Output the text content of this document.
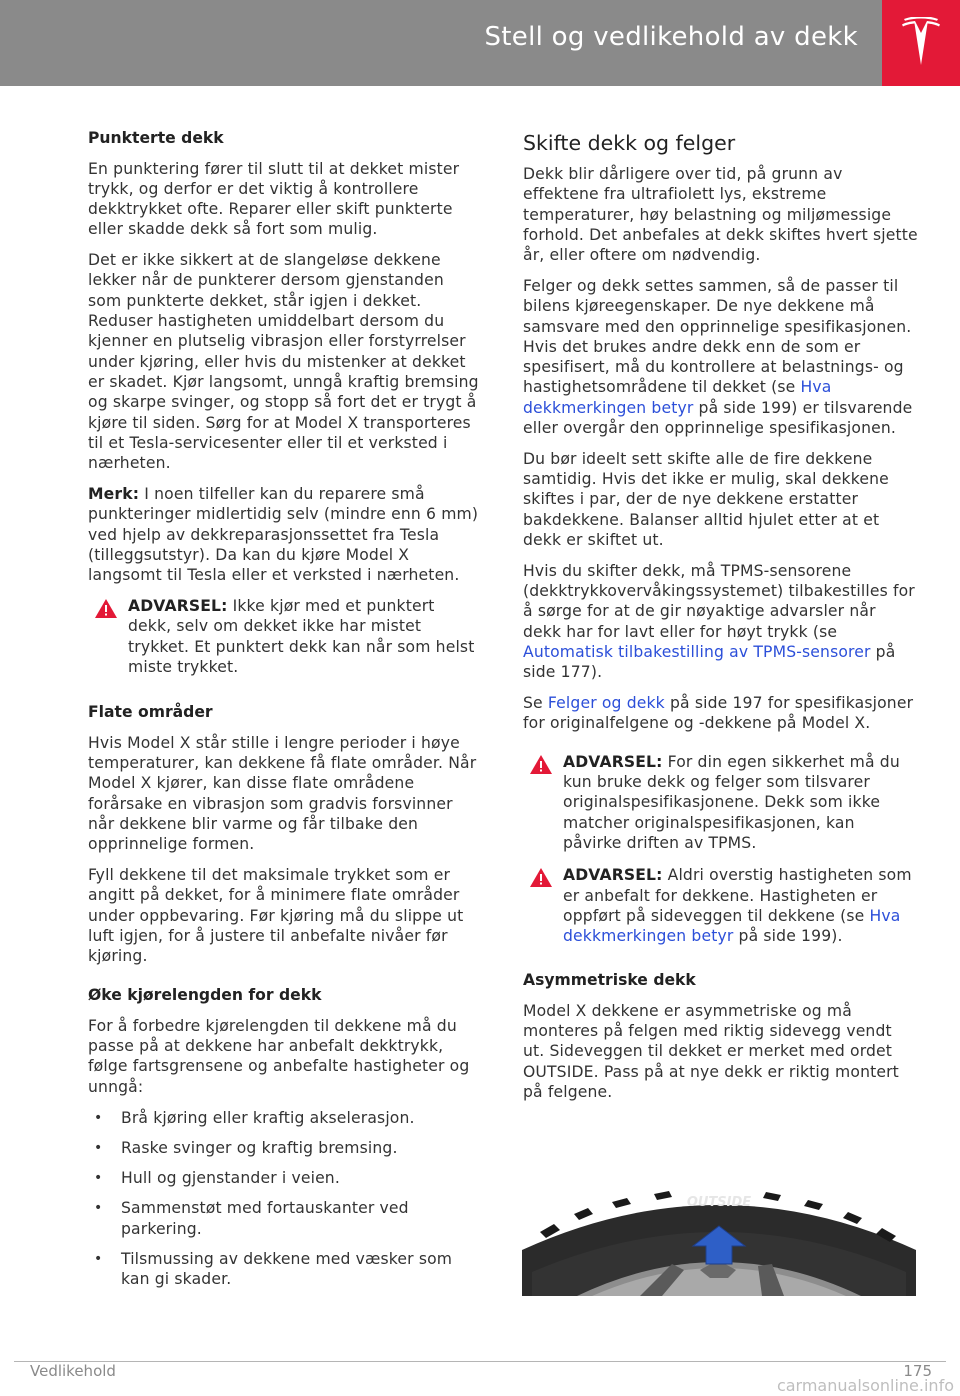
Stell og vedlikehold av dekk
Punkterte dekk

En punktering fører til slutt til at dekket mister trykk, og derfor er det viktig å kontrollere dekktrykket ofte. Reparer eller skift punkterte eller skadde dekk så fort som mulig.

Det er ikke sikkert at de slangeløse dekkene lekker når de punkterer dersom gjenstanden som punkterte dekket, står igjen i dekket. Reduser hastigheten umiddelbart dersom du kjenner en plutselig vibrasjon eller forstyrrelser under kjøring, eller hvis du mistenker at dekket er skadet. Kjør langsomt, unngå kraftig bremsing og skarpe svinger, og stopp så fort det er trygt å kjøre til siden. Sørg for at Model X transporteres til et Tesla-servicesenter eller til et verksted i nærheten.

Merk: I noen tilfeller kan du reparere små punkteringer midlertidig selv (mindre enn 6 mm) ved hjelp av dekkreparasjonssettet fra Tesla (tilleggsutstyr). Da kan du kjøre Model X langsomt til Tesla eller et verksted i nærheten.

ADVARSEL: Ikke kjør med et punktert dekk, selv om dekket ikke har mistet trykket. Et punktert dekk kan når som helst miste trykket.

Flate områder

Hvis Model X står stille i lengre perioder i høye temperaturer, kan dekkene få flate områder. Når Model X kjører, kan disse flate områdene forårsake en vibrasjon som gradvis forsvinner når dekkene blir varme og får tilbake den opprinnelige formen.

Fyll dekkene til det maksimale trykket som er angitt på dekket, for å minimere flate områder under oppbevaring. Før kjøring må du slippe ut luft igjen, for å justere til anbefalte nivåer før kjøring.

Øke kjørelengden for dekk

For å forbedre kjørelengden til dekkene må du passe på at dekkene har anbefalt dekktrykk, følge fartsgrensene og anbefalte hastigheter og unngå:

• Brå kjøring eller kraftig akselerasjon.
• Raske svinger og kraftig bremsing.
• Hull og gjenstander i veien.
• Sammenstøt med fortauskanter ved parkering.
• Tilsmussing av dekkene med væsker som kan gi skader.
Skifte dekk og felger

Dekk blir dårligere over tid, på grunn av effektene fra ultrafiolett lys, ekstreme temperaturer, høy belastning og miljømessige forhold. Det anbefales at dekk skiftes hvert sjette år, eller oftere om nødvendig.

Felger og dekk settes sammen, så de passer til bilens kjøreegenskaper. De nye dekkene må samsvare med den opprinnelige spesifikasjonen. Hvis det brukes andre dekk enn de som er spesifisert, må du kontrollere at belastnings- og hastighetsområdene til dekket (se Hva dekkmerkingen betyr på side 199) er tilsvarende eller overgår den opprinnelige spesifikasjonen.

Du bør ideelt sett skifte alle de fire dekkene samtidig. Hvis det ikke er mulig, skal dekkene skiftes i par, der de nye dekkene erstatter bakdekkene. Balanser alltid hjulet etter at et dekk er skiftet ut.

Hvis du skifter dekk, må TPMS-sensorene (dekktrykkovervåkingssystemet) tilbakestilles for å sørge for at de gir nøyaktige advarsler når dekk har for lavt eller for høyt trykk (se Automatisk tilbakestilling av TPMS-sensorer på side 177).

Se Felger og dekk på side 197 for spesifikasjoner for originalfelgene og -dekkene på Model X.

ADVARSEL: For din egen sikkerhet må du kun bruke dekk og felger som tilsvarer originalspesifikasjonene. Dekk som ikke matcher originalspesifikasjonen, kan påvirke driften av TPMS.

ADVARSEL: Aldri overstig hastigheten som er anbefalt for dekkene. Hastigheten er oppført på sideveggen til dekkene (se Hva dekkmerkingen betyr på side 199).

Asymmetriske dekk

Model X dekkene er asymmetriske og må monteres på felgen med riktig sidevegg vendt ut. Sideveggen til dekket er merket med ordet OUTSIDE. Pass på at nye dekk er riktig montert på felgene.

OUTSIDE
Vedlikehold	175
carmanualsonline.info
